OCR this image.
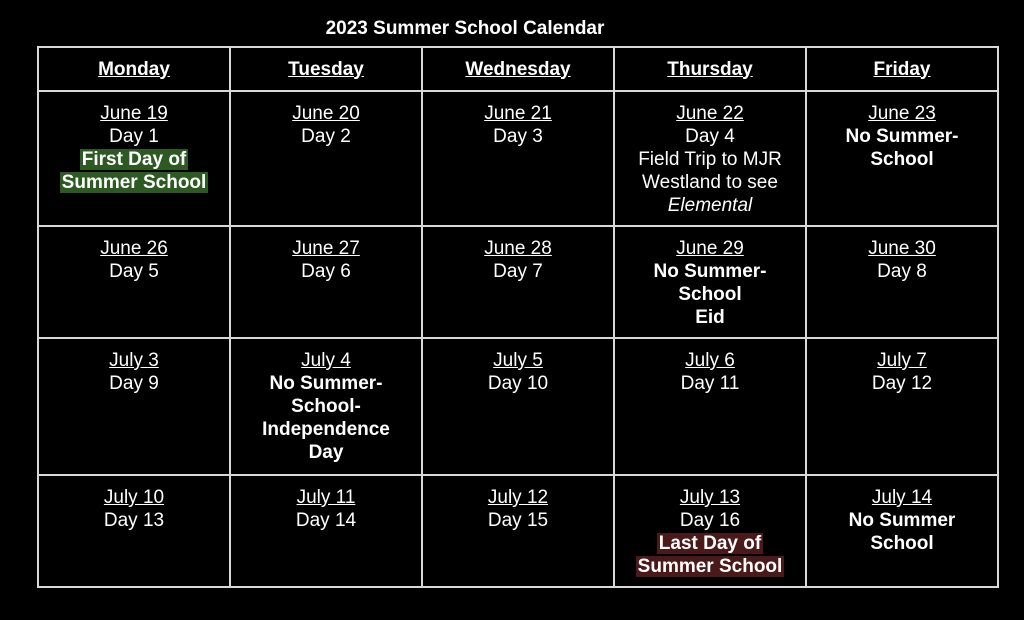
2023 Summer School Calendar
Monday	Tuesday	Wednesday	Thursday	Friday

June 19
Day 1
First Day of
Summer School	June 20
Day 2	June 21
Day 3	June 22
Day 4
Field Trip to MJR
Westland to see
Elemental	June 23
No Summer-
School

June 26
Day 5	June 27
Day 6	June 28
Day 7	June 29
No Summer-
School
Eid	June 30
Day 8

July 3
Day 9	July 4
No Summer-
School-
Independence
Day	July 5
Day 10	July 6
Day 11	July 7
Day 12

July 10
Day 13	July 11
Day 14	July 12
Day 15	July 13
Day 16
Last Day of
Summer School	July 14
No Summer
School
